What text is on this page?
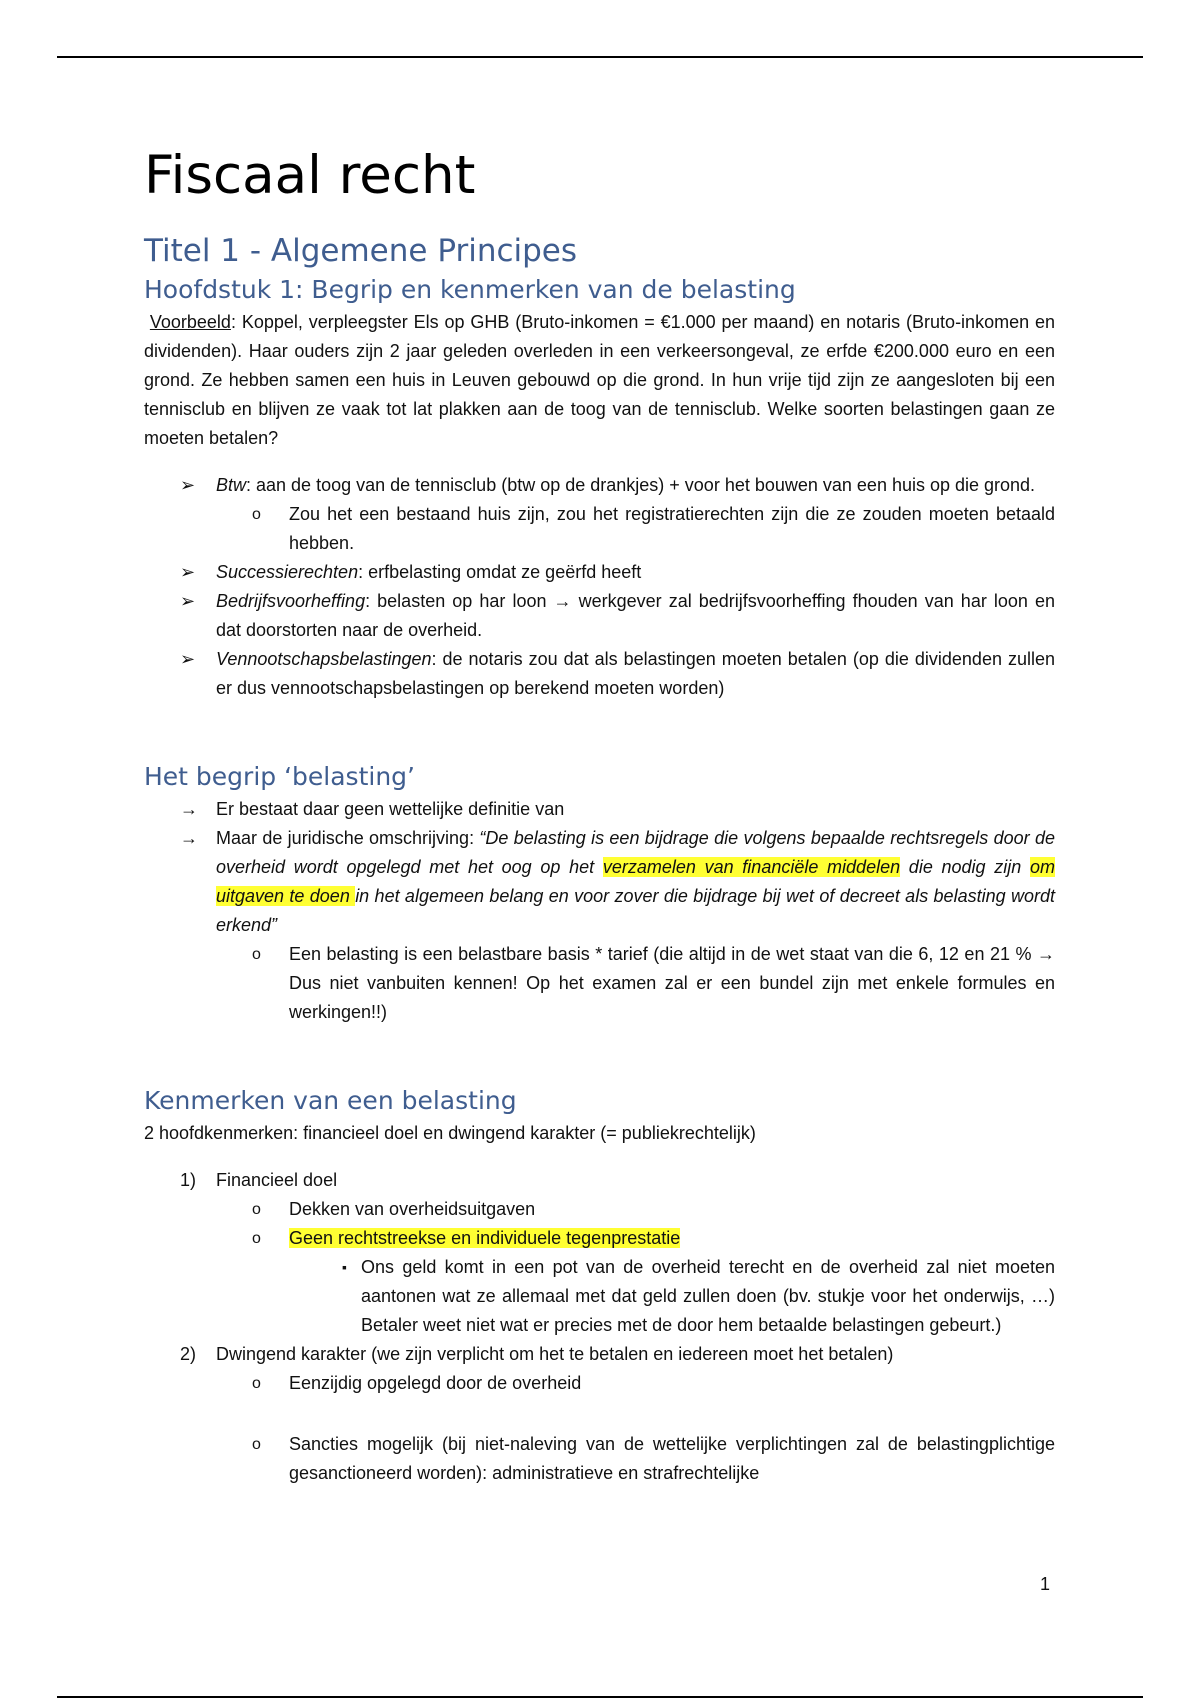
Fiscaal recht
Titel 1 - Algemene Principes
Hoofdstuk 1: Begrip en kenmerken van de belasting

Voorbeeld: Koppel, verpleegster Els op GHB (Bruto-inkomen = €1.000 per maand) en notaris (Bruto-inkomen en dividenden). Haar ouders zijn 2 jaar geleden overleden in een verkeersongeval, ze erfde €200.000 euro en een grond. Ze hebben samen een huis in Leuven gebouwd op die grond. In hun vrije tijd zijn ze aangesloten bij een tennisclub en blijven ze vaak tot lat plakken aan de toog van de tennisclub. Welke soorten belastingen gaan ze moeten betalen?

➢ Btw: aan de toog van de tennisclub (btw op de drankjes) + voor het bouwen van een huis op die grond.
o Zou het een bestaand huis zijn, zou het registratierechten zijn die ze zouden moeten betaald hebben.
➢ Successierechten: erfbelasting omdat ze geërfd heeft
➢ Bedrijfsvoorheffing: belasten op har loon → werkgever zal bedrijfsvoorheffing fhouden van har loon en dat doorstorten naar de overheid.
➢ Vennootschapsbelastingen: de notaris zou dat als belastingen moeten betalen (op die dividenden zullen er dus vennootschapsbelastingen op berekend moeten worden)
Het begrip ‘belasting’
→ Er bestaat daar geen wettelijke definitie van
→ Maar de juridische omschrijving: “De belasting is een bijdrage die volgens bepaalde rechtsregels door de overheid wordt opgelegd met het oog op het verzamelen van financiële middelen die nodig zijn om uitgaven te doen in het algemeen belang en voor zover die bijdrage bij wet of decreet als belasting wordt erkend”
o Een belasting is een belastbare basis * tarief (die altijd in de wet staat van die 6, 12 en 21 % → Dus niet vanbuiten kennen! Op het examen zal er een bundel zijn met enkele formules en werkingen!!)
Kenmerken van een belasting

2 hoofdkenmerken: financieel doel en dwingend karakter (= publiekrechtelijk)

1) Financieel doel
o Dekken van overheidsuitgaven
o Geen rechtstreekse en individuele tegenprestatie
▪ Ons geld komt in een pot van de overheid terecht en de overheid zal niet moeten aantonen wat ze allemaal met dat geld zullen doen (bv. stukje voor het onderwijs, …) Betaler weet niet wat er precies met de door hem betaalde belastingen gebeurt.)
2) Dwingend karakter (we zijn verplicht om het te betalen en iedereen moet het betalen)
o Eenzijdig opgelegd door de overheid
o Sancties mogelijk (bij niet-naleving van de wettelijke verplichtingen zal de belastingplichtige gesanctioneerd worden): administratieve en strafrechtelijke
1
